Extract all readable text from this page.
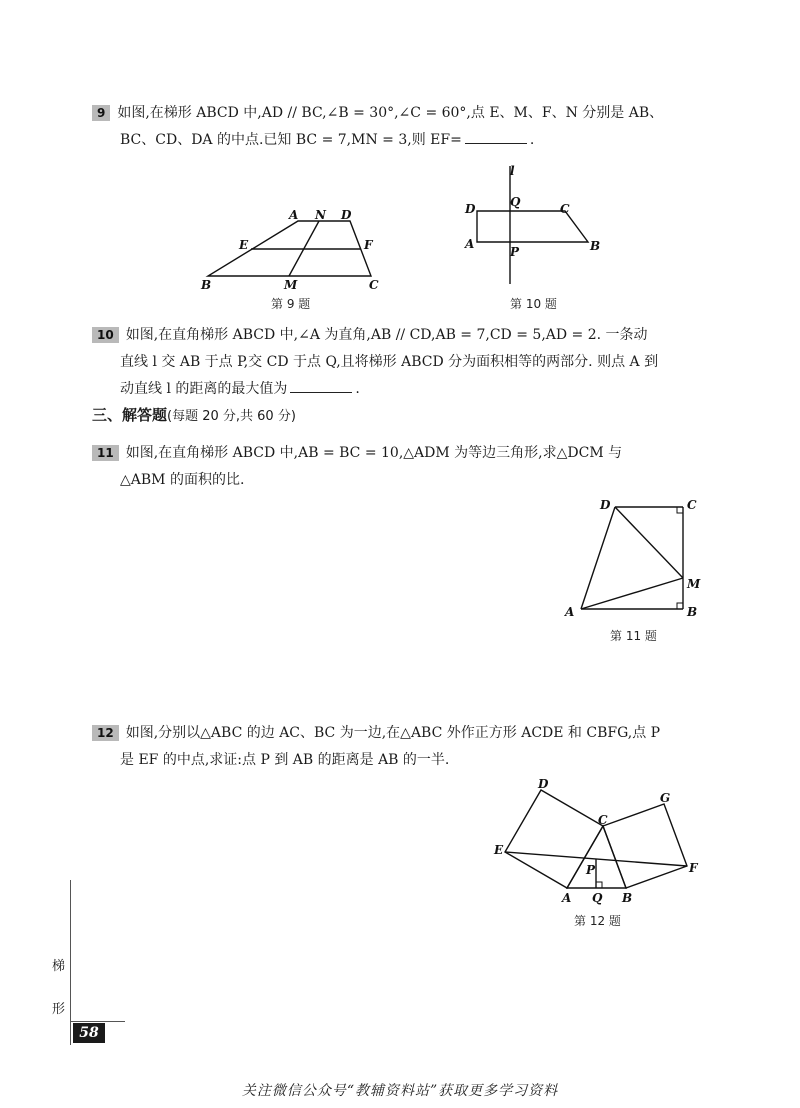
9 如图,在梯形 ABCD 中,AD // BC,∠B = 30°,∠C = 60°,点 E、M、F、N 分别是 AB、
BC、CD、DA 的中点.已知 BC = 7,MN = 3,则 EF=	.
A N D
E	F
B	M	C
第 9 题
l
D	Q	C
A
P	B
第 10 题
10 如图,在直角梯形 ABCD 中,∠A 为直角,AB // CD,AB = 7,CD = 5,AD = 2. 一条动
直线 l 交 AB 于点 P,交 CD 于点 Q,且将梯形 ABCD 分为面积相等的两部分. 则点 A 到
动直线 l 的距离的最大值为	.
三、解答题(每题 20 分,共 60 分)
11 如图,在直角梯形 ABCD 中,AB = BC = 10,△ADM 为等边三角形,求△DCM 与
△ABM 的面积的比.
D	C
M
A	B
第 11 题
12 如图,分别以△ABC 的边 AC、BC 为一边,在△ABC 外作正方形 ACDE 和 CBFG,点 P
是 EF 的中点,求证:点 P 到 AB 的距离是 AB 的一半.
D
G
C
E
F
P
A Q B
第 12 题
梯
形
58
关注微信公众号“教辅资料站”获取更多学习资料
